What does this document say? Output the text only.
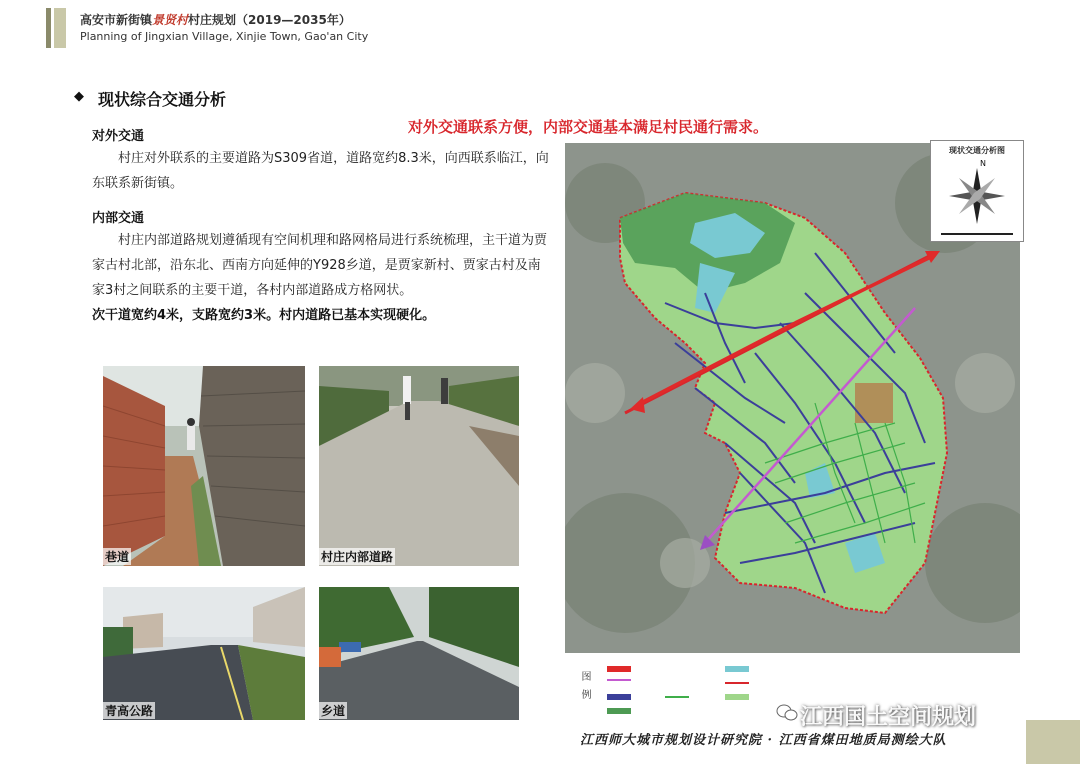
高安市新街镇景贤村村庄规划（2019—2035年）
Planning of Jingxian Village, Xinjie Town, Gao'an City
◆ 现状综合交通分析
对外交通联系方便，内部交通基本满足村民通行需求。
对外交通
村庄对外联系的主要道路为S309省道，道路宽约8.3米，向西联系临江，向东联系新街镇。
内部交通
村庄内部道路规划遵循现有空间机理和路网格局进行系统梳理，主干道为贾家古村北部，沿东北、西南方向延伸的Y928乡道，是贾家新村、贾家古村及南家3村之间联系的主要干道，各村内部道路成方格网状。
次干道宽约4米，支路宽约3米。村内道路已基本实现硬化。
巷道	村庄内部道路
青高公路	乡道
现状交通分析图
N
图例
江西师大城市规划设计研究院 · 江西省煤田地质局测绘大队
江西国土空间规划
